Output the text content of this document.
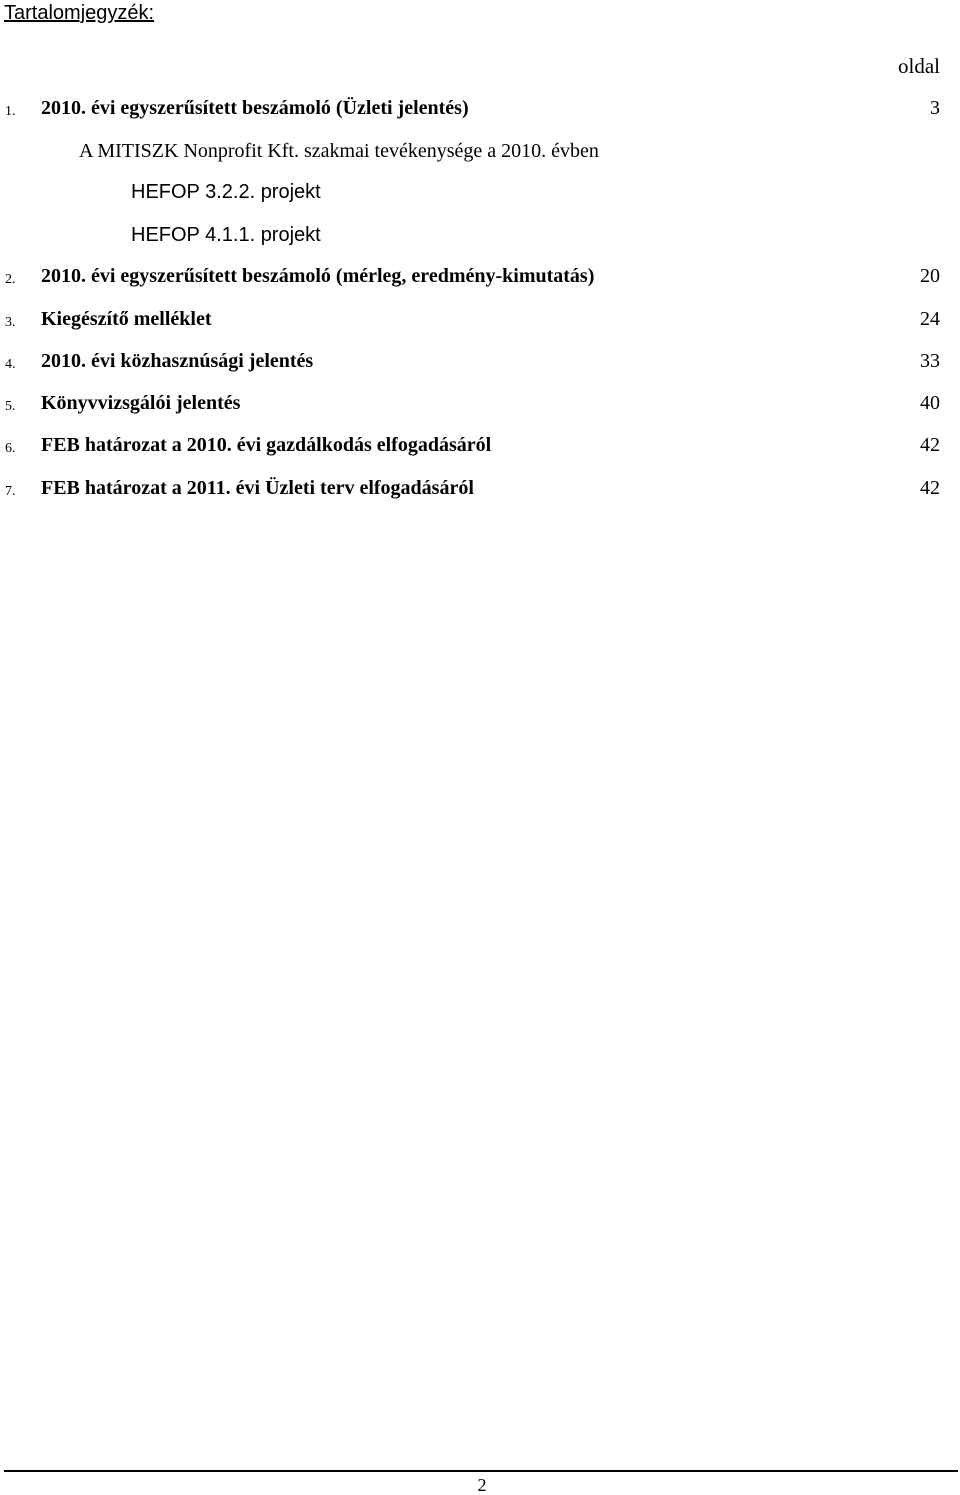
Tartalomjegyzék:
oldal
1. 2010. évi egyszerűsített beszámoló (Üzleti jelentés)	3
A MITISZK Nonprofit Kft. szakmai tevékenysége a 2010. évben
HEFOP 3.2.2. projekt
HEFOP 4.1.1. projekt
2. 2010. évi egyszerűsített beszámoló (mérleg, eredmény-kimutatás)	20
3. Kiegészítő melléklet	24
4. 2010. évi közhasznúsági jelentés	33
5. Könyvvizsgálói jelentés	40
6. FEB határozat a 2010. évi gazdálkodás elfogadásáról	42
7. FEB határozat a 2011. évi Üzleti terv elfogadásáról	42
2
